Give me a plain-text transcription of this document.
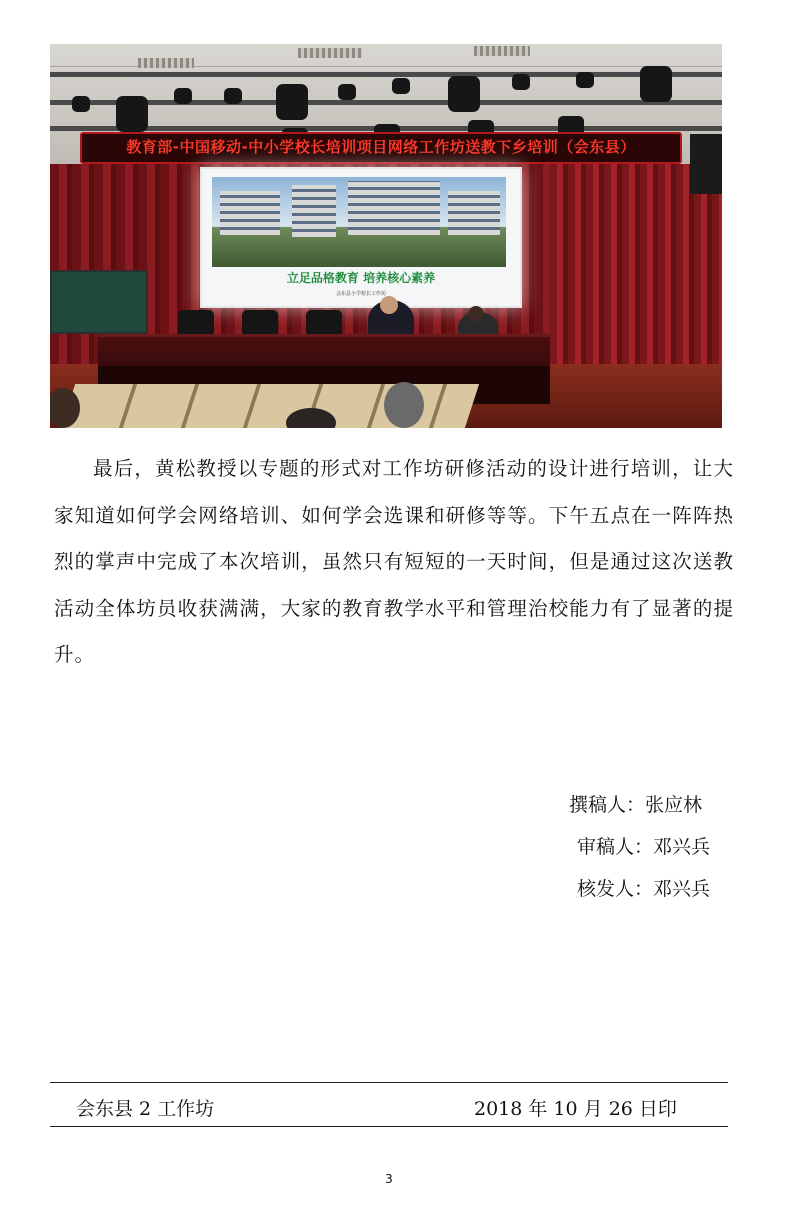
教育部-中国移动-中小学校长培训项目网络工作坊送教下乡培训（会东县）
立足品格教育 培养核心素养
会东县小学校长工作坊

最后，黄松教授以专题的形式对工作坊研修活动的设计进行培训，让大家知道如何学会网络培训、如何学会选课和研修等等。下午五点在一阵阵热烈的掌声中完成了本次培训，虽然只有短短的一天时间，但是通过这次送教活动全体坊员收获满满，大家的教育教学水平和管理治校能力有了显著的提升。

撰稿人：张应林
审稿人：邓兴兵
核发人：邓兴兵
会东县 2 工作坊	2018 年 10 月 26 日印
3
